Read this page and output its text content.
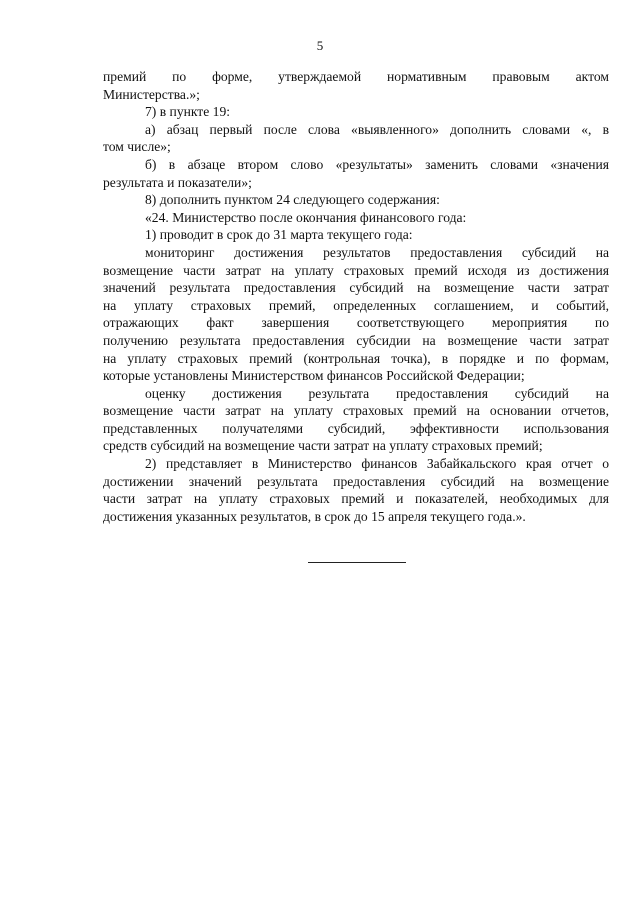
5
премий по форме, утверждаемой нормативным правовым актом
Министерства.»;
7) в пункте 19:
а) абзац первый после слова «выявленного» дополнить словами «, в
том числе»;
б) в абзаце втором слово «результаты» заменить словами «значения
результата и показатели»;
8) дополнить пунктом 24 следующего содержания:
«24. Министерство после окончания финансового года:
1) проводит в срок до 31 марта текущего года:
мониторинг достижения результатов предоставления субсидий на
возмещение части затрат на уплату страховых премий исходя из достижения
значений результата предоставления субсидий на возмещение части затрат
на уплату страховых премий, определенных соглашением, и событий,
отражающих факт завершения соответствующего мероприятия по
получению результата предоставления субсидии на возмещение части затрат
на уплату страховых премий (контрольная точка), в порядке и по формам,
которые установлены Министерством финансов Российской Федерации;
оценку достижения результата предоставления субсидий на
возмещение части затрат на уплату страховых премий на основании отчетов,
представленных получателями субсидий, эффективности использования
средств субсидий на возмещение части затрат на уплату страховых премий;
2) представляет в Министерство финансов Забайкальского края отчет о
достижении значений результата предоставления субсидий на возмещение
части затрат на уплату страховых премий и показателей, необходимых для
достижения указанных результатов, в срок до 15 апреля текущего года.».
